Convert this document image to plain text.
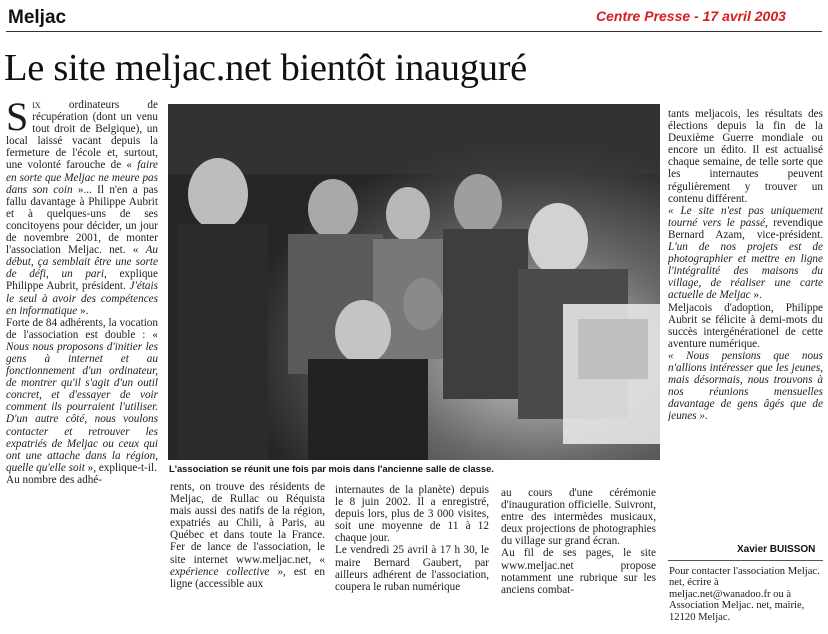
Meljac	Centre Presse - 17 avril 2003
Le site meljac.net bientôt inauguré

Six ordinateurs de récupération (dont un venu tout droit de Belgique), un local laissé vacant depuis la fermeture de l'école et, surtout, une volonté farouche de « faire en sorte que Meljac ne meure pas dans son coin »... Il n'en a pas fallu davantage à Philippe Aubrit et à quelques-uns de ses concitoyens pour décider, un jour de novembre 2001, de monter l'association Meljac. net. « Au début, ça semblait être une sorte de défi, un pari, explique Philippe Aubrit, président. J'étais le seul à avoir des compétences en informatique ».

Forte de 84 adhérents, la vocation de l'association est double : « Nous nous proposons d'initier les gens à internet et au fonctionnement d'un ordinateur, de montrer qu'il s'agit d'un outil concret, et d'essayer de voir comment ils pourraient l'utiliser. D'un autre côté, nous voulons contacter et retrouver les expatriés de Meljac ou ceux qui ont une attache dans la région, quelle qu'elle soit », explique-t-il.

Au nombre des adhé-

L'association se réunit une fois par mois dans l'ancienne salle de classe.

rents, on trouve des résidents de Meljac, de Rullac ou Réquista mais aussi des natifs de la région, expatriés au Chili, à Paris, au Québec et dans toute la France. Fer de lance de l'association, le site internet www.meljac.net, « expérience collective », est en ligne (accessible aux

internautes de la planète) depuis le 8 juin 2002. Il a enregistré, depuis lors, plus de 3 000 visites, soit une moyenne de 11 à 12 chaque jour.

Le vendredi 25 avril à 17 h 30, le maire Bernard Gaubert, par ailleurs adhérent de l'association, coupera le ruban numérique

au cours d'une cérémonie d'inauguration officielle. Suivront, entre des intermèdes musicaux, deux projections de photographies du village sur grand écran.

Au fil de ses pages, le site www.meljac.net propose notamment une rubrique sur les anciens combat-

tants meljacois, les résultats des élections depuis la fin de la Deuxième Guerre mondiale ou encore un édito. Il est actualisé chaque semaine, de telle sorte que les internautes peuvent régulièrement y trouver un contenu différent.

« Le site n'est pas uniquement tourné vers le passé, revendique Bernard Azam, vice-président. L'un de nos projets est de photographier et mettre en ligne l'intégralité des maisons du village, de réaliser une carte actuelle de Meljac ».

Meljacois d'adoption, Philippe Aubrit se félicite à demi-mots du succès intergénérationel de cette aventure numérique.

« Nous pensions que nous n'allions intéresser que les jeunes, mais désormais, nous trouvons à nos réunions mensuelles davantage de gens âgés que de jeunes ».

Xavier BUISSON
Pour contacter l'association Meljac. net, écrire à meljac.net@wanadoo.fr ou à Association Meljac. net, mairie, 12120 Meljac.
